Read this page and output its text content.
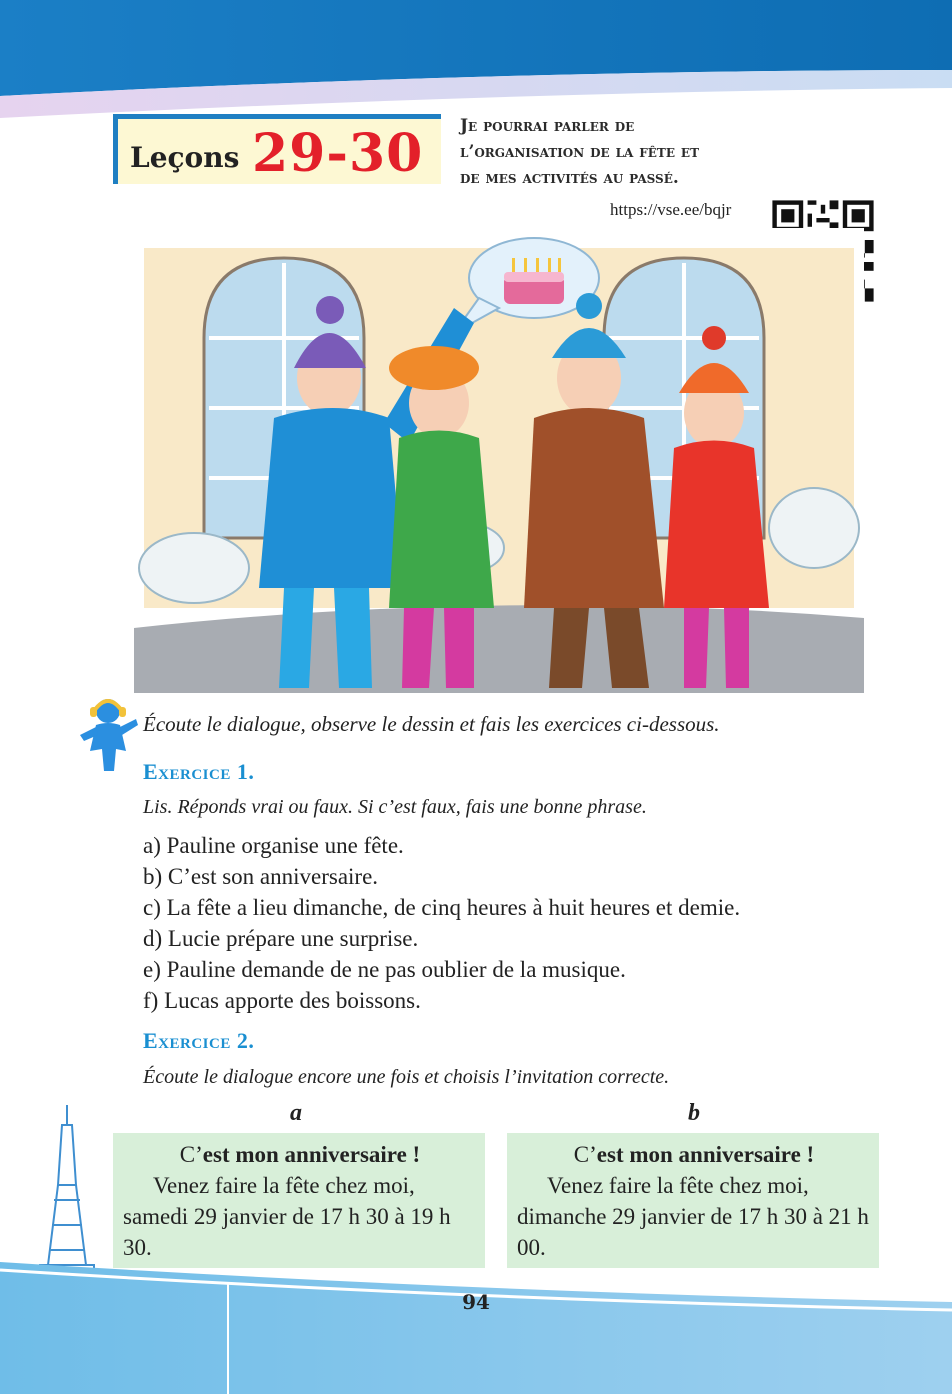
Leçons 29-30 Je pourrai parler de
l’organisation de la fête et
de mes activités au passé.
https://vse.ee/bqjr

Écoute le dialogue, observe le dessin et fais les exercices ci-dessous.

Exercice 1.

Lis. Réponds vrai ou faux. Si c’est faux, fais une bonne phrase.

a) Pauline organise une fête.
b) C’est son anniversaire.
c) La fête a lieu dimanche, de cinq heures à huit heures et demie.
d) Lucie prépare une surprise.
e) Pauline demande de ne pas oublier de la musique.
f) Lucas apporte des boissons.
Exercice 2.

Écoute le dialogue encore une fois et choisis l’invitation correcte.

a	b
C’est mon anniversaire !
Venez faire la fête chez moi, samedi 29 janvier de 17 h 30 à 19 h 30.
C’est mon anniversaire !
Venez faire la fête chez moi, dimanche 29 janvier de 17 h 30 à 21 h 00.
94
